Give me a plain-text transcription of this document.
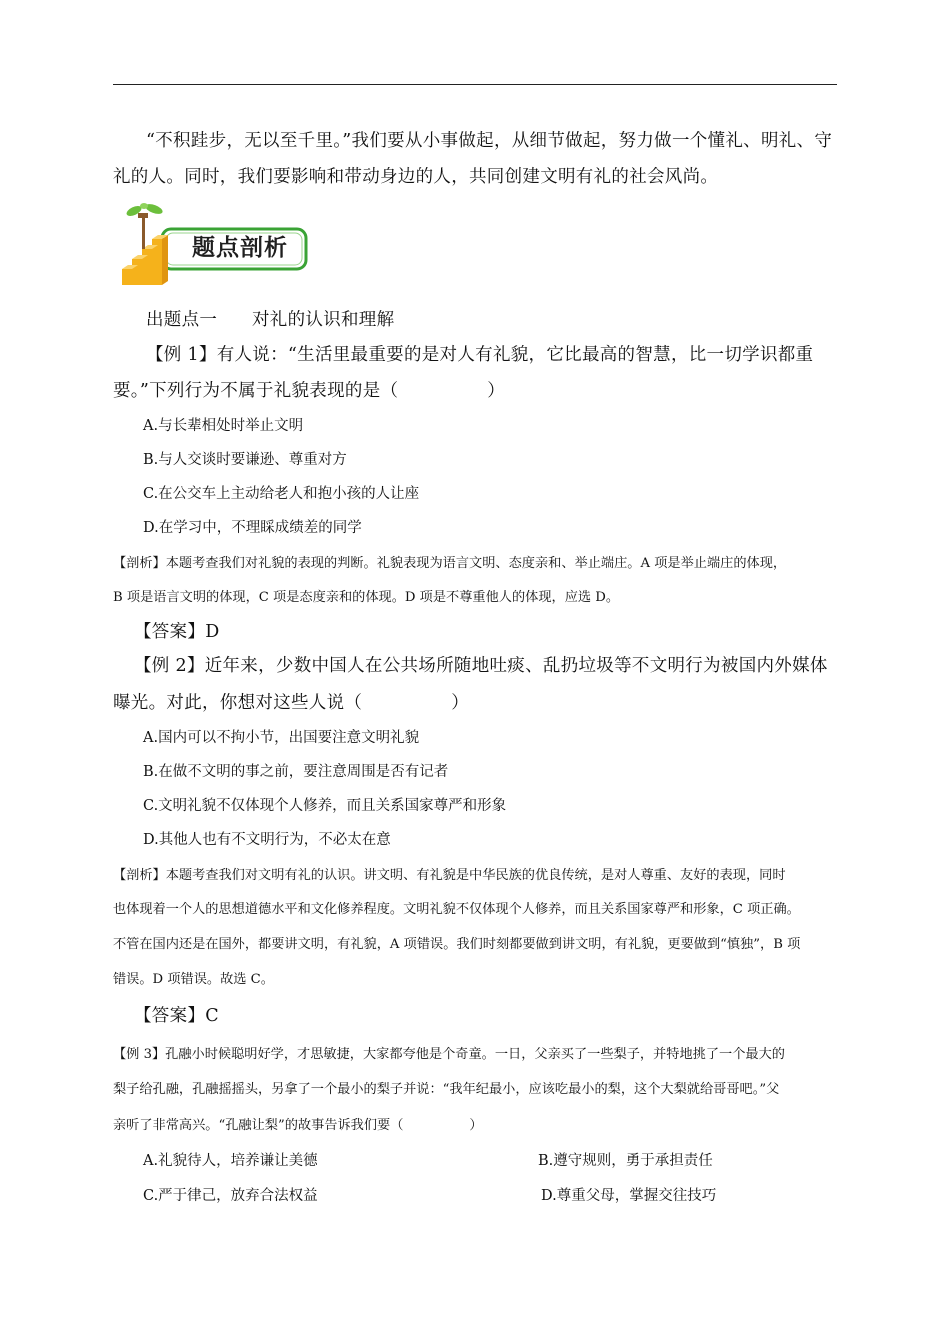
“不积跬步，无以至千里。”我们要从小事做起，从细节做起，努力做一个懂礼、明礼、守
礼的人。同时，我们要影响和带动身边的人，共同创建文明有礼的社会风尚。
题点剖析
出题点一 对礼的认识和理解
【例 1】有人说：“生活里最重要的是对人有礼貌，它比最高的智慧，比一切学识都重
要。”下列行为不属于礼貌表现的是（　　　　　）
A.与长辈相处时举止文明
B.与人交谈时要谦逊、尊重对方
C.在公交车上主动给老人和抱小孩的人让座
D.在学习中，不理睬成绩差的同学
【剖析】本题考查我们对礼貌的表现的判断。礼貌表现为语言文明、态度亲和、举止端庄。A 项是举止端庄的体现，
B 项是语言文明的体现，C 项是态度亲和的体现。D 项是不尊重他人的体现，应选 D。
【答案】D
【例 2】近年来，少数中国人在公共场所随地吐痰、乱扔垃圾等不文明行为被国内外媒体
曝光。对此，你想对这些人说（　　　　　）
A.国内可以不拘小节，出国要注意文明礼貌
B.在做不文明的事之前，要注意周围是否有记者
C.文明礼貌不仅体现个人修养，而且关系国家尊严和形象
D.其他人也有不文明行为，不必太在意
【剖析】本题考查我们对文明有礼的认识。讲文明、有礼貌是中华民族的优良传统，是对人尊重、友好的表现，同时
也体现着一个人的思想道德水平和文化修养程度。文明礼貌不仅体现个人修养，而且关系国家尊严和形象，C 项正确。
不管在国内还是在国外，都要讲文明，有礼貌，A 项错误。我们时刻都要做到讲文明，有礼貌，更要做到“慎独”，B 项
错误。D 项错误。故选 C。
【答案】C
【例 3】孔融小时候聪明好学，才思敏捷，大家都夸他是个奇童。一日，父亲买了一些梨子，并特地挑了一个最大的
梨子给孔融，孔融摇摇头，另拿了一个最小的梨子并说：“我年纪最小，应该吃最小的梨，这个大梨就给哥哥吧。”父
亲听了非常高兴。“孔融让梨”的故事告诉我们要（　　　　　）
A.礼貌待人，培养谦让美德	B.遵守规则，勇于承担责任
C.严于律己，放弃合法权益	D.尊重父母，掌握交往技巧
